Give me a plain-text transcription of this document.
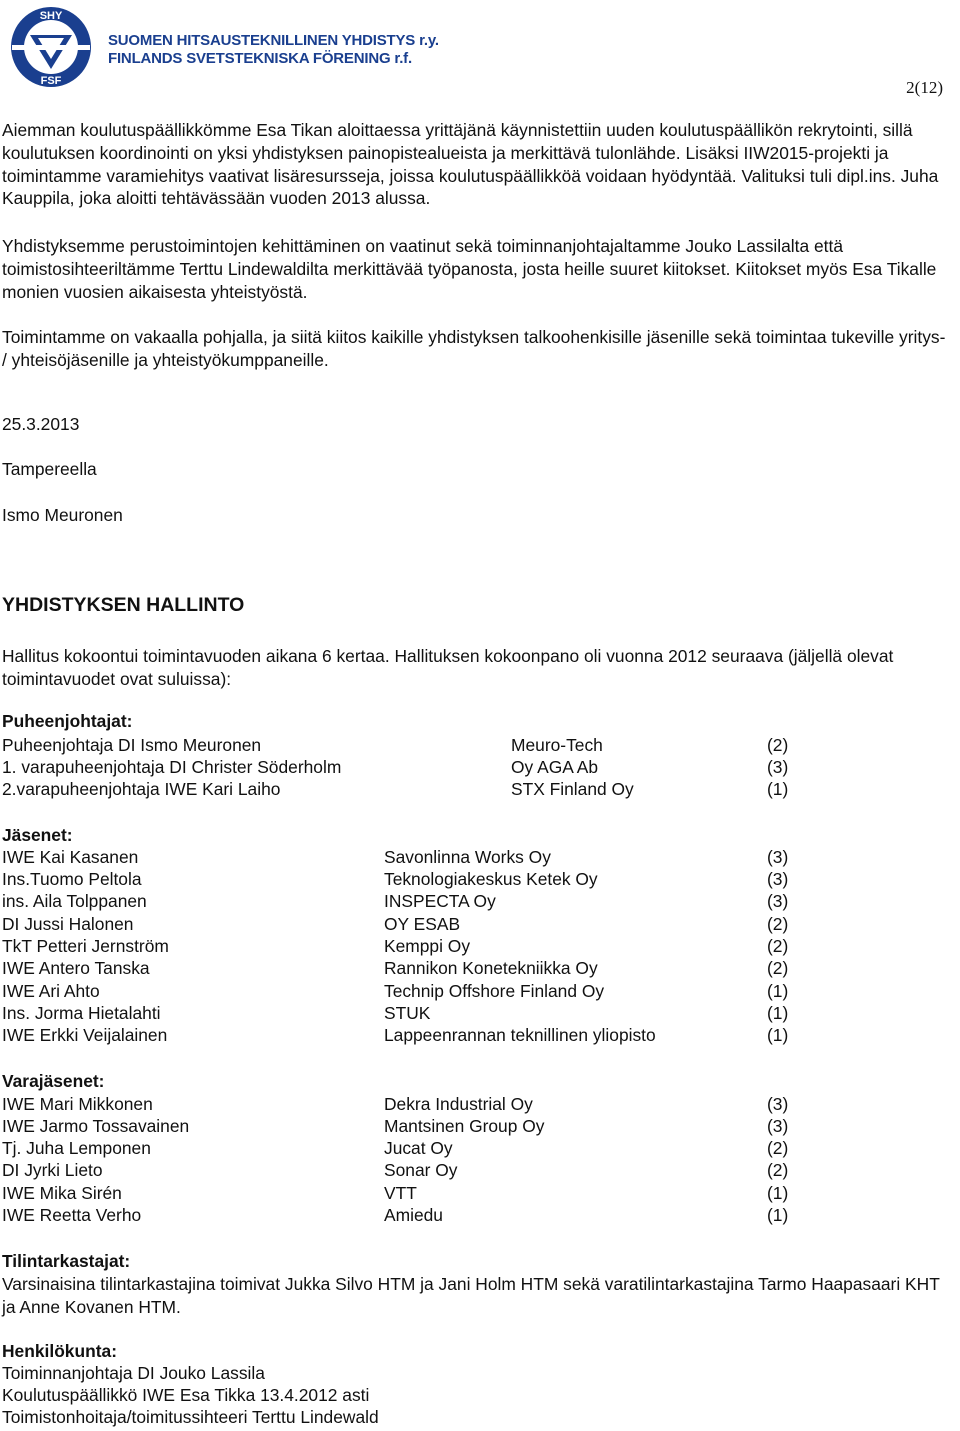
SHY
FSF
SUOMEN HITSAUSTEKNILLINEN YHDISTYS r.y.
FINLANDS SVETSTEKNISKA FÖRENING r.f.
2(12)

Aiemman koulutuspäällikkömme Esa Tikan aloittaessa yrittäjänä käynnistettiin uuden koulutuspäällikön rekrytointi, sillä koulutuksen koordinointi on yksi yhdistyksen painopistealueista ja merkittävä tulonlähde. Lisäksi IIW2015-projekti ja toimintamme varamiehitys vaativat lisäresursseja, joissa koulutuspäällikköä voidaan hyödyntää. Valituksi tuli dipl.ins. Juha Kauppila, joka aloitti tehtävässään vuoden 2013 alussa.

Yhdistyksemme perustoimintojen kehittäminen on vaatinut sekä toiminnanjohtajaltamme Jouko Lassilalta että toimistosihteeriltämme Terttu Lindewaldilta merkittävää työpanosta, josta heille suuret kiitokset. Kiitokset myös Esa Tikalle monien vuosien aikaisesta yhteistyöstä.

Toimintamme on vakaalla pohjalla, ja siitä kiitos kaikille yhdistyksen talkoohenkisille jäsenille sekä toimintaa tukeville yritys- / yhteisöjäsenille ja yhteistyökumppaneille.

25.3.2013
Tampereella
Ismo Meuronen
YHDISTYKSEN HALLINTO

Hallitus kokoontui toimintavuoden aikana 6 kertaa. Hallituksen kokoonpano oli vuonna 2012 seuraava (jäljellä olevat toimintavuodet ovat suluissa):

Puheenjohtajat:
Puheenjohtaja DI Ismo Meuronen	Meuro-Tech	(2)
1. varapuheenjohtaja DI Christer Söderholm	Oy AGA Ab	(3)
2.varapuheenjohtaja IWE Kari Laiho	STX Finland Oy	(1)
Jäsenet:
IWE Kai Kasanen	Savonlinna Works Oy	(3)
Ins.Tuomo Peltola	Teknologiakeskus Ketek Oy	(3)
ins. Aila Tolppanen	INSPECTA Oy	(3)
DI Jussi Halonen	OY ESAB	(2)
TkT Petteri Jernström	Kemppi Oy	(2)
IWE Antero Tanska	Rannikon Konetekniikka Oy	(2)
IWE Ari Ahto	Technip Offshore Finland Oy	(1)
Ins. Jorma Hietalahti	STUK	(1)
IWE Erkki Veijalainen	Lappeenrannan teknillinen yliopisto	(1)
Varajäsenet:
IWE Mari Mikkonen	Dekra Industrial Oy	(3)
IWE Jarmo Tossavainen	Mantsinen Group Oy	(3)
Tj. Juha Lemponen	Jucat Oy	(2)
DI Jyrki Lieto	Sonar Oy	(2)
IWE Mika Sirén	VTT	(1)
IWE Reetta Verho	Amiedu	(1)
Tilintarkastajat:

Varsinaisina tilintarkastajina toimivat Jukka Silvo HTM ja Jani Holm HTM sekä varatilintarkastajina Tarmo Haapasaari KHT ja Anne Kovanen HTM.

Henkilökunta:
Toiminnanjohtaja DI Jouko Lassila
Koulutuspäällikkö IWE Esa Tikka 13.4.2012 asti
Toimistonhoitaja/toimitussihteeri Terttu Lindewald
